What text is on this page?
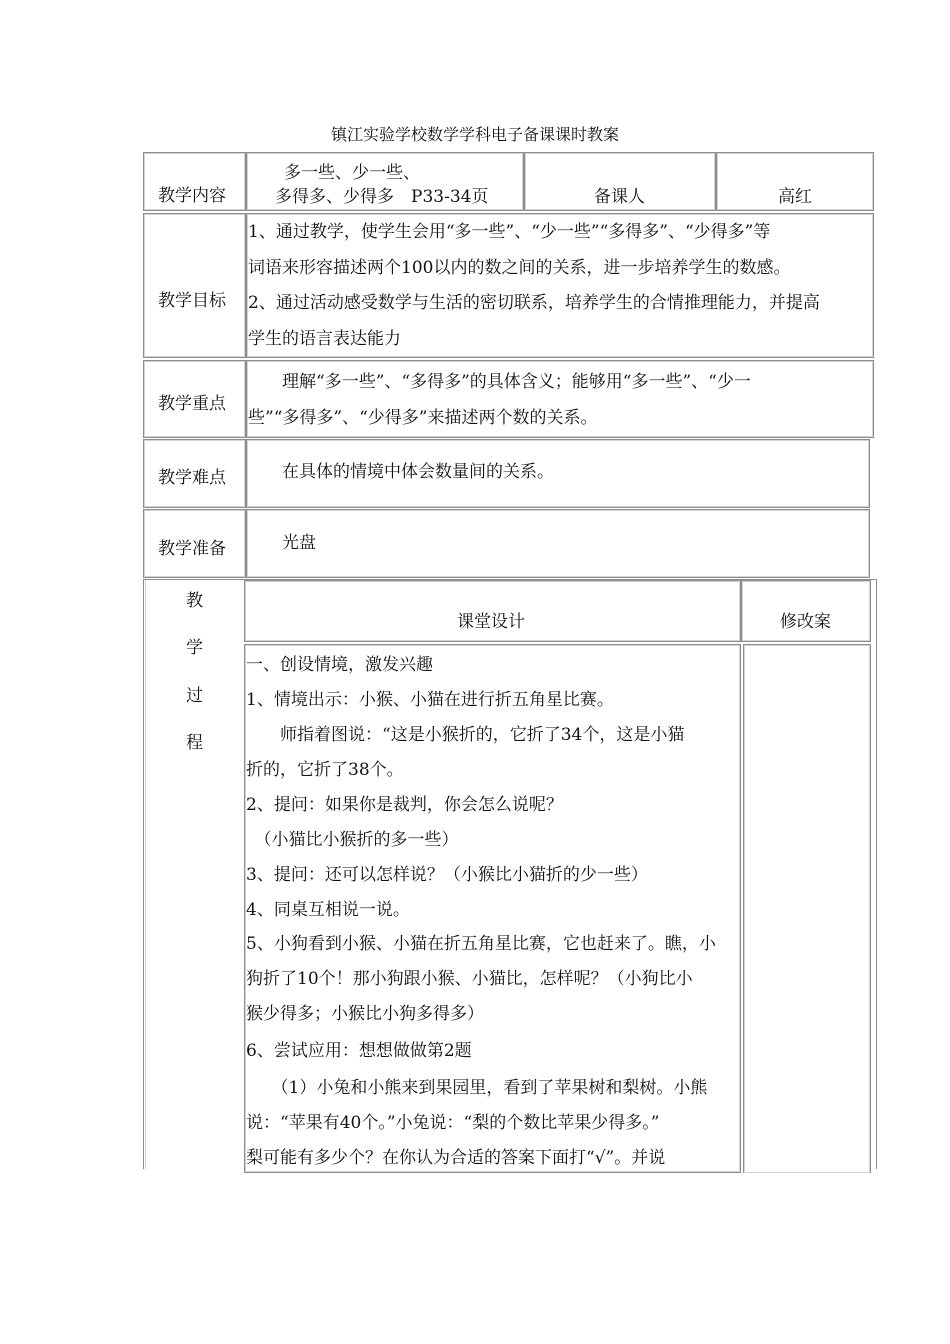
镇江实验学校数学学科电子备课课时教案
教学内容
多一些、少一些、
多得多、少得多　P33-34页	备课人	高红
教学目标
1、通过教学，使学生会用“多一些”、“少一些”“多得多”、“少得多”等
词语来形容描述两个100以内的数之间的关系，进一步培养学生的数感。
2、通过活动感受数学与生活的密切联系，培养学生的合情推理能力，并提高
学生的语言表达能力
教学重点
　　理解“多一些”、“多得多”的具体含义；能够用“多一些”、“少一
些”“多得多”、“少得多”来描述两个数的关系。
教学难点 　　在具体的情境中体会数量间的关系。
教学准备 　　光盘
教
学
过
程
课堂设计	修改案
一、创设情境，激发兴趣
1、情境出示：小猴、小猫在进行折五角星比赛。
　　师指着图说：“这是小猴折的，它折了34个，这是小猫
折的，它折了38个。
2、提问：如果你是裁判，你会怎么说呢？
　（小猫比小猴折的多一些）
3、提问：还可以怎样说？（小猴比小猫折的少一些）
4、同桌互相说一说。
5、小狗看到小猴、小猫在折五角星比赛，它也赶来了。瞧，小
狗折了10个！那小狗跟小猴、小猫比，怎样呢？（小狗比小
猴少得多；小猴比小狗多得多）
6、尝试应用：想想做做第2题
　　（1）小兔和小熊来到果园里，看到了苹果树和梨树。小熊
说：“苹果有40个。”小兔说：“梨的个数比苹果少得多。”
梨可能有多少个？在你认为合适的答案下面打“√”。并说
